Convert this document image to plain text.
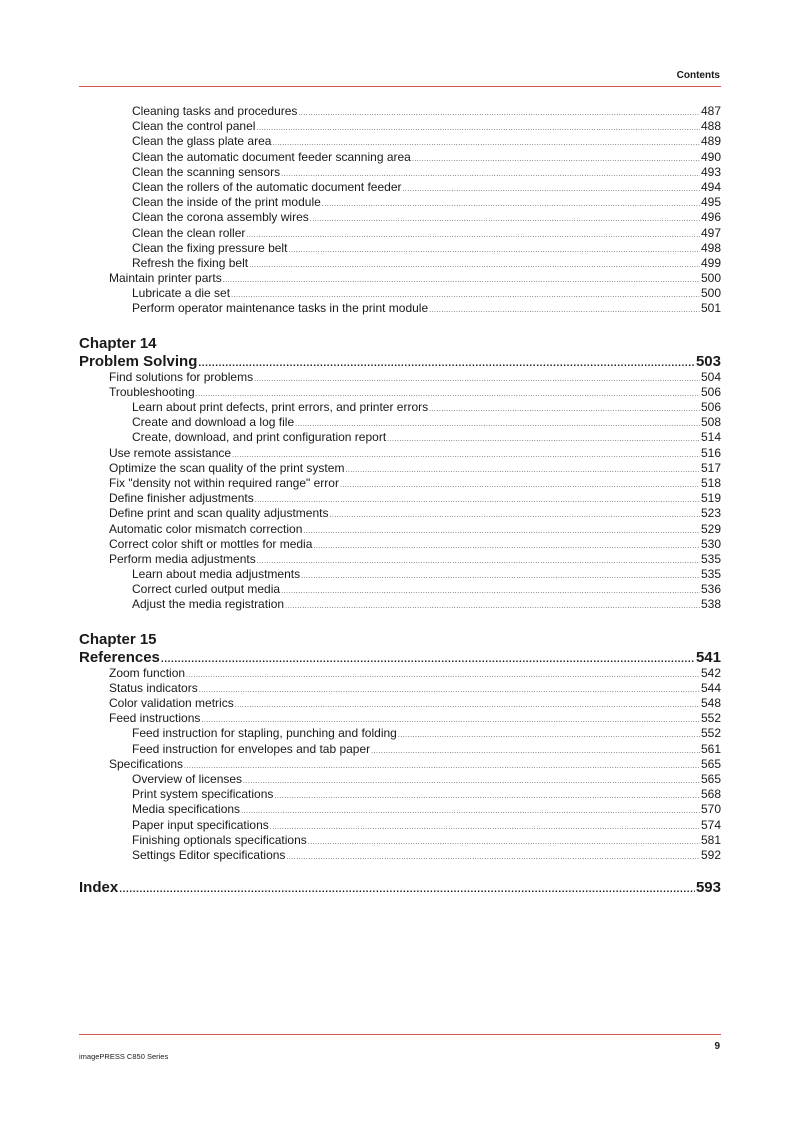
Contents
Cleaning tasks and procedures .....	487
Clean the control panel .....	488
Clean the glass plate area .....	489
Clean the automatic document feeder scanning area .....	490
Clean the scanning sensors .....	493
Clean the rollers of the automatic document feeder .....	494
Clean the inside of the print module .....	495
Clean the corona assembly wires .....	496
Clean the clean roller .....	497
Clean the fixing pressure belt .....	498
Refresh the fixing belt .....	499
Maintain printer parts .....	500
Lubricate a die set .....	500
Perform operator maintenance tasks in the print module .....	501
Chapter 14
Problem Solving .....	503
Find solutions for problems .....	504
Troubleshooting .....	506
Learn about print defects, print errors, and printer errors .....	506
Create and download a log file .....	508
Create, download, and print configuration report .....	514
Use remote assistance .....	516
Optimize the scan quality of the print system .....	517
Fix "density not within required range" error .....	518
Define finisher adjustments .....	519
Define print and scan quality adjustments .....	523
Automatic color mismatch correction .....	529
Correct color shift or mottles for media .....	530
Perform media adjustments .....	535
Learn about media adjustments .....	535
Correct curled output media .....	536
Adjust the media registration .....	538
Chapter 15
References .....	541
Zoom function .....	542
Status indicators .....	544
Color validation metrics .....	548
Feed instructions .....	552
Feed instruction for stapling, punching and folding .....	552
Feed instruction for envelopes and tab paper .....	561
Specifications .....	565
Overview of licenses .....	565
Print system specifications .....	568
Media specifications .....	570
Paper input specifications .....	574
Finishing optionals specifications .....	581
Settings Editor specifications .....	592
Index .....	593
9
imagePRESS C850 Series
